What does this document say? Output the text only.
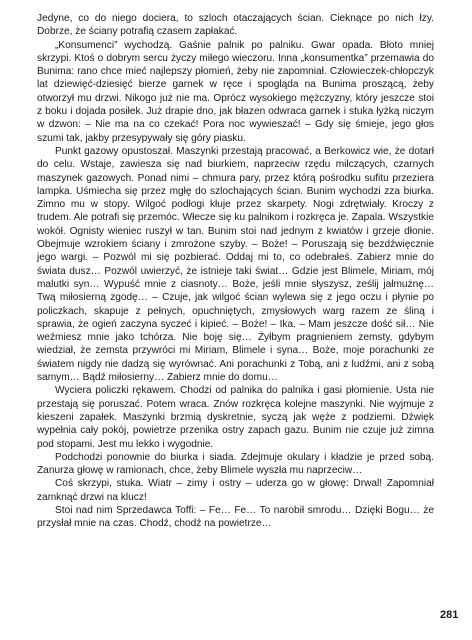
Jedyne, co do niego dociera, to szloch otaczających ścian. Cieknące po nich łzy. Dobrze, że ściany potrafią czasem zapłakać.

„Konsumenci” wychodzą. Gaśnie palnik po palniku. Gwar opada. Błoto mniej skrzypi. Ktoś o dobrym sercu życzy miłego wieczoru. Inna „konsumentka” przemawia do Bunima: rano chce mieć najlepszy płomień, żeby nie zapomniał. Człowieczek-chłopczyk lat dziewięć-dziesięć bierze garnek w ręce i spogląda na Bunima proszącą, żeby otworzył mu drzwi. Nikogo już nie ma. Oprócz wysokiego mężczyzny, który jeszcze stoi z boku i dojada posiłek. Już drapie dno, jak błazen odwraca garnek i stuka łyżką niczym w dzwon: – Nie ma na co czekać! Pora noc wywieszać! – Gdy się śmieje, jego głos szumi tak, jakby przesypywały się góry piasku.

Punkt gazowy opustoszał. Maszynki przestają pracować, a Berkowicz wie, że dotarł do celu. Wstaje, zawiesza się nad biurkiem, naprzeciw rzędu milczących, czarnych maszynek gazowych. Ponad nimi – chmura pary, przez którą pośrodku sufitu przeziera lampka. Uśmiecha się przez mgłę do szlochających ścian. Bunim wychodzi zza biurka. Zimno mu w stopy. Wilgoć podłogi kłuje przez skarpety. Nogi zdrętwiały. Kroczy z trudem. Ale potrafi się przemóc. Włecze się ku palnikom i rozkręca je. Zapala. Wszystkie wokół. Ognisty wieniec ruszył w tan. Bunim stoi nad jednym z kwiatów i grzeje dłonie. Obejmuje wzrokiem ściany i zmrożone szyby. – Boże! – Poruszają się bezdźwięcznie jego wargi. – Pozwól mi się pozbierać. Oddaj mi to, co odebrałeś. Zabierz mnie do świata dusz… Pozwól uwierzyć, że istnieje taki świat… Gdzie jest Blimele, Miriam, mój malutki syn… Wypuść mnie z ciasnoty… Boże, jeśli mnie słyszysz, ześlij jałmużnę… Twą miłosierną zgodę… – Czuje, jak wilgoć ścian wylewa się z jego oczu i płynie po policzkach, skapuje z pełnych, opuchniętych, zmysłowych warg razem ze śliną i sprawia, że ogień zaczyna syczeć i kipieć. – Boże! – Ika. – Mam jeszcze dość sił… Nie weźmiesz mnie jako tchórza. Nie boję się… Żyłbym pragnieniem zemsty, gdybym wiedział, że zemsta przywróci mi Miriam, Blimele i syna… Boże, moje porachunki ze światem nigdy nie dadzą się wyrównać. Ani porachunki z Tobą, ani z ludźmi, ani z sobą samym… Bądź miłosierny… Zabierz mnie do domu…

Wyciera policzki rękawem. Chodzi od palnika do palnika i gasi płomienie. Usta nie przestają się poruszać. Potem wraca. Znów rozkręca kolejne maszynki. Nie wyjmuje z kieszeni zapałek. Maszynki brzmią dyskretnie, syczą jak węże z podziemi. Dźwięk wypełnia cały pokój, powietrze przenika ostry zapach gazu. Bunim nie czuje już zimna pod stopami. Jest mu lekko i wygodnie.

Podchodzi ponownie do biurka i siada. Zdejmuje okulary i kładzie je przed sobą. Zanurza głowę w ramionach, chce, żeby Blimele wyszła mu naprzeciw…

Coś skrzypi, stuka. Wiatr – zimy i ostry – uderza go w głowę: Drwal! Zapomniał zamknąć drzwi na klucz!

Stoi nad nim Sprzedawca Toffi: – Fe… Fe… To narobił smrodu… Dzięki Bogu… że przysłał mnie na czas. Chodź, chodź na powietrze…

281
